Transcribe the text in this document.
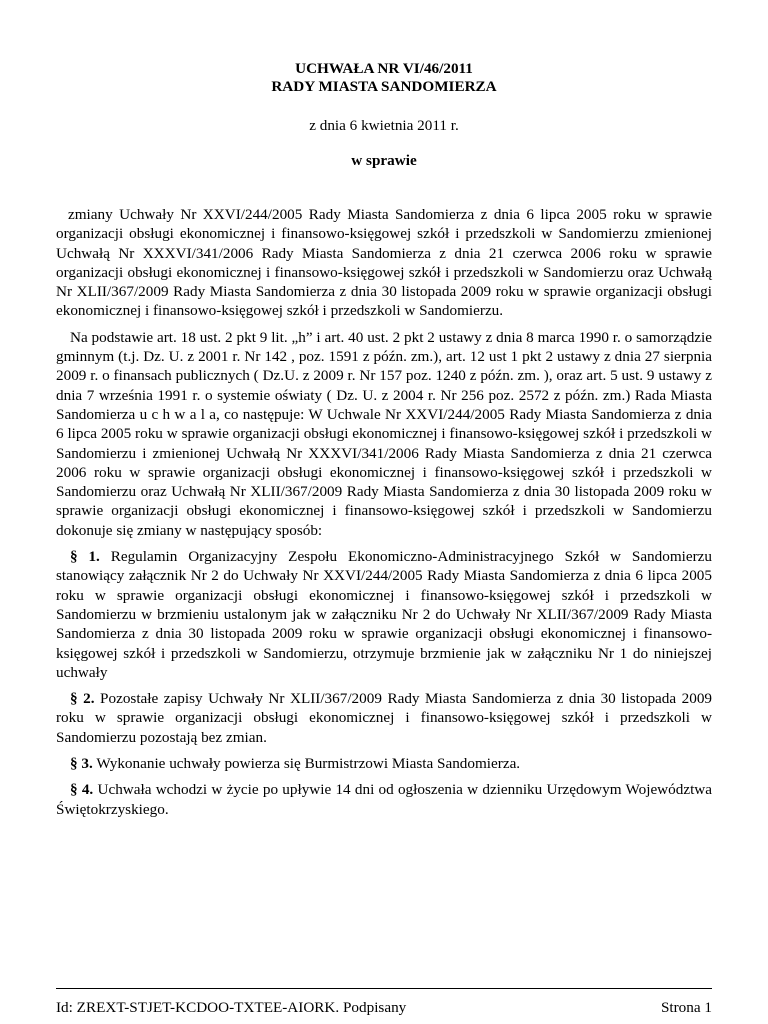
UCHWAŁA NR VI/46/2011
RADY MIASTA SANDOMIERZA
z dnia 6 kwietnia 2011 r.
w sprawie

zmiany Uchwały Nr XXVI/244/2005 Rady Miasta Sandomierza z dnia 6 lipca 2005 roku w sprawie organizacji obsługi ekonomicznej i finansowo-księgowej szkół i przedszkoli w Sandomierzu zmienionej Uchwałą Nr XXXVI/341/2006 Rady Miasta Sandomierza z dnia 21 czerwca 2006 roku w sprawie organizacji obsługi ekonomicznej i finansowo-księgowej szkół i przedszkoli w Sandomierzu oraz Uchwałą Nr XLII/367/2009 Rady Miasta Sandomierza z dnia 30 listopada 2009 roku w sprawie organizacji obsługi ekonomicznej i finansowo-księgowej szkół i przedszkoli w Sandomierzu.

Na podstawie art. 18 ust. 2 pkt 9 lit. „h” i art. 40 ust. 2 pkt 2 ustawy z dnia 8 marca 1990 r. o samorządzie gminnym (t.j. Dz. U. z 2001 r. Nr 142 , poz. 1591 z późn. zm.), art. 12 ust 1 pkt 2 ustawy z dnia 27 sierpnia 2009 r. o finansach publicznych ( Dz.U. z 2009 r. Nr 157 poz. 1240 z późn. zm. ), oraz art. 5 ust. 9 ustawy z dnia 7 września 1991 r. o systemie oświaty ( Dz. U. z 2004 r. Nr 256 poz. 2572 z późn. zm.) Rada Miasta Sandomierza u c h w a l a, co następuje: W Uchwale Nr XXVI/244/2005 Rady Miasta Sandomierza z dnia 6 lipca 2005 roku w sprawie organizacji obsługi ekonomicznej i finansowo-księgowej szkół i przedszkoli w Sandomierzu i zmienionej Uchwałą Nr XXXVI/341/2006 Rady Miasta Sandomierza z dnia 21 czerwca 2006 roku w sprawie organizacji obsługi ekonomicznej i finansowo-księgowej szkół i przedszkoli w Sandomierzu oraz Uchwałą Nr XLII/367/2009 Rady Miasta Sandomierza z dnia 30 listopada 2009 roku w sprawie organizacji obsługi ekonomicznej i finansowo-księgowej szkół i przedszkoli w Sandomierzu dokonuje się zmiany w następujący sposób:

§ 1. Regulamin Organizacyjny Zespołu Ekonomiczno-Administracyjnego Szkół w Sandomierzu stanowiący załącznik Nr 2 do Uchwały Nr XXVI/244/2005 Rady Miasta Sandomierza z dnia 6 lipca 2005 roku w sprawie organizacji obsługi ekonomicznej i finansowo-księgowej szkół i przedszkoli w Sandomierzu w brzmieniu ustalonym jak w załączniku Nr 2 do Uchwały Nr XLII/367/2009 Rady Miasta Sandomierza z dnia 30 listopada 2009 roku w sprawie organizacji obsługi ekonomicznej i finansowo-księgowej szkół i przedszkoli w Sandomierzu, otrzymuje brzmienie jak w załączniku Nr 1 do niniejszej uchwały

§ 2. Pozostałe zapisy Uchwały Nr XLII/367/2009 Rady Miasta Sandomierza z dnia 30 listopada 2009 roku w sprawie organizacji obsługi ekonomicznej i finansowo-księgowej szkół i przedszkoli w Sandomierzu pozostają bez zmian.

§ 3. Wykonanie uchwały powierza się Burmistrzowi Miasta Sandomierza.

§ 4. Uchwała wchodzi w życie po upływie 14 dni od ogłoszenia w dzienniku Urzędowym Województwa Świętokrzyskiego.

Id: ZREXT-STJET-KCDOO-TXTEE-AIORK. Podpisany	Strona 1
